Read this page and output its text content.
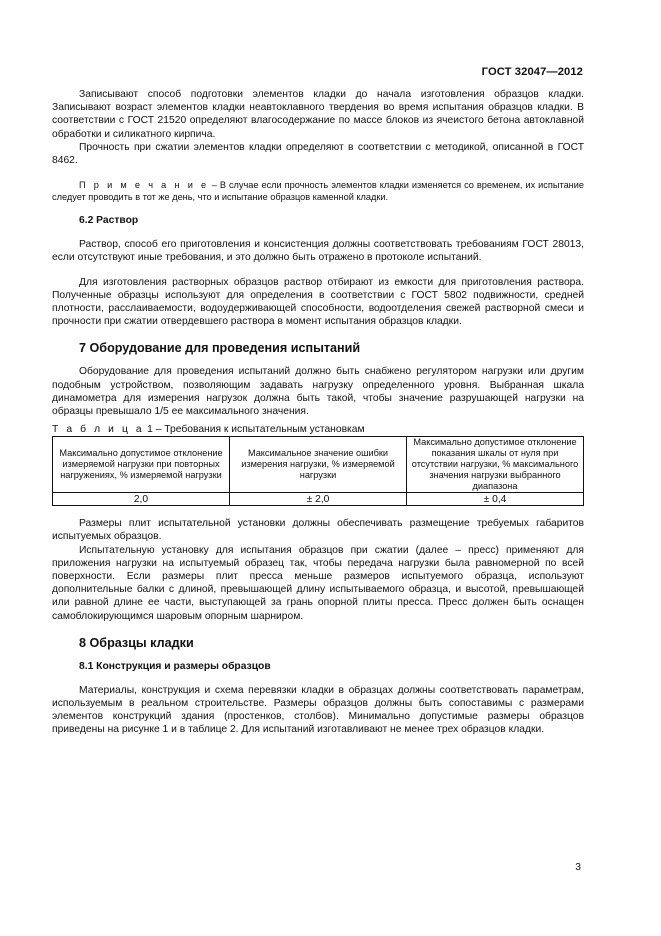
ГОСТ 32047—2012

Записывают способ подготовки элементов кладки до начала изготовления образцов кладки. Записывают возраст элементов кладки неавтоклавного твердения во время испытания образцов кладки. В соответствии с ГОСТ 21520 определяют влагосодержание по массе блоков из ячеистого бетона автоклавной обработки и силикатного кирпича.

Прочность при сжатии элементов кладки определяют в соответствии с методикой, описанной в ГОСТ 8462.

П р и м е ч а н и е – В случае если прочность элементов кладки изменяется со временем, их испытание следует проводить в тот же день, что и испытание образцов каменной кладки.

6.2 Раствор

Раствор, способ его приготовления и консистенция должны соответствовать требованиям ГОСТ 28013, если отсутствуют иные требования, и это должно быть отражено в протоколе испытаний.

Для изготовления растворных образцов раствор отбирают из емкости для приготовления раствора. Полученные образцы используют для определения в соответствии с ГОСТ 5802 подвижности, средней плотности, расслаиваемости, водоудерживающей способности, водоотделения свежей растворной смеси и прочности при сжатии отвердевшего раствора в момент испытания образцов кладки.

7 Оборудование для проведения испытаний

Оборудование для проведения испытаний должно быть снабжено регулятором нагрузки или другим подобным устройством, позволяющим задавать нагрузку определенного уровня. Выбранная шкала динамометра для измерения нагрузок должна быть такой, чтобы значение разрушающей нагрузки на образцы превышало 1/5 ее максимального значения.

Т а б л и ц а 1 – Требования к испытательным установкам
Максимально допустимое отклонение измеряемой нагрузки при повторных нагружениях, % измеряемой нагрузки	Максимальное значение ошибки измерения нагрузки, % измеряемой нагрузки	Максимально допустимое отклонение показания шкалы от нуля при отсутствии нагрузки, % максимального значения нагрузки выбранного диапазона
2,0	± 2,0	± 0,4

Размеры плит испытательной установки должны обеспечивать размещение требуемых габаритов испытуемых образцов.

Испытательную установку для испытания образцов при сжатии (далее – пресс) применяют для приложения нагрузки на испытуемый образец так, чтобы передача нагрузки была равномерной по всей поверхности. Если размеры плит пресса меньше размеров испытуемого образца, используют дополнительные балки с длиной, превышающей длину испытываемого образца, и высотой, превышающей или равной длине ее части, выступающей за грань опорной плиты пресса. Пресс должен быть оснащен самоблокирующимся шаровым опорным шарниром.

8 Образцы кладки
8.1 Конструкция и размеры образцов

Материалы, конструкция и схема перевязки кладки в образцах должны соответствовать параметрам, используемым в реальном строительстве. Размеры образцов должны быть сопоставимы с размерами элементов конструкций здания (простенков, столбов). Минимально допустимые размеры образцов приведены на рисунке 1 и в таблице 2. Для испытаний изготавливают не менее трех образцов кладки.

3
